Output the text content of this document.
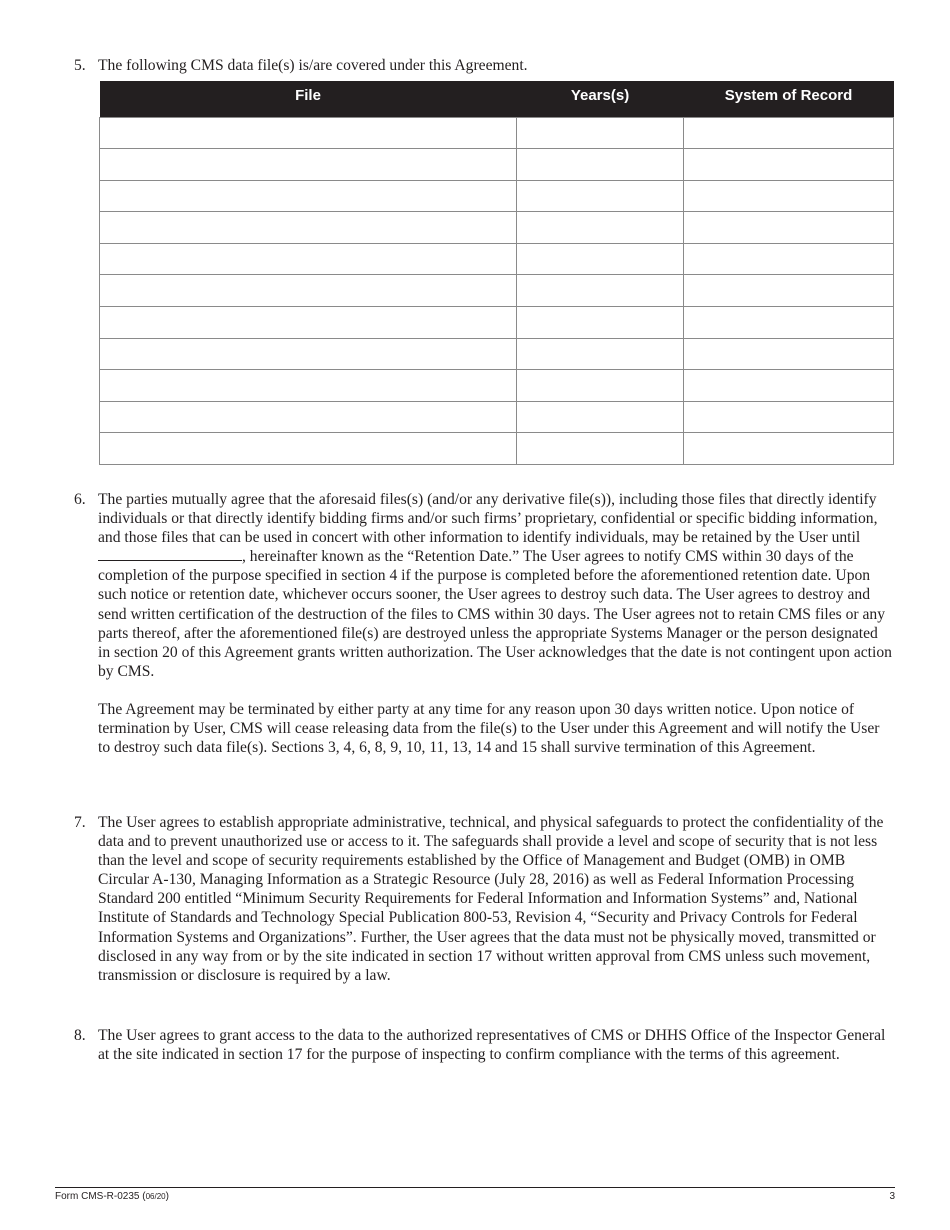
5. The following CMS data file(s) is/are covered under this Agreement.

File	Years(s)	System of Record

6. The parties mutually agree that the aforesaid files(s) (and/or any derivative file(s)), including those files that directly identify individuals or that directly identify bidding firms and/or such firms’ proprietary, confidential or specific bidding information, and those files that can be used in concert with other information to identify individuals, may be retained by the User until , hereinafter known as the “Retention Date.” The User agrees to notify CMS within 30 days of the completion of the purpose specified in section 4 if the purpose is completed before the aforementioned retention date. Upon such notice or retention date, whichever occurs sooner, the User agrees to destroy such data. The User agrees to destroy and send written certification of the destruction of the files to CMS within 30 days. The User agrees not to retain CMS files or any parts thereof, after the aforementioned file(s) are destroyed unless the appropriate Systems Manager or the person designated in section 20 of this Agreement grants written authorization. The User acknowledges that the date is not contingent upon action by CMS.

The Agreement may be terminated by either party at any time for any reason upon 30 days written notice. Upon notice of termination by User, CMS will cease releasing data from the file(s) to the User under this Agreement and will notify the User to destroy such data file(s). Sections 3, 4, 6, 8, 9, 10, 11, 13, 14 and 15 shall survive termination of this Agreement.

7. The User agrees to establish appropriate administrative, technical, and physical safeguards to protect the confidentiality of the data and to prevent unauthorized use or access to it. The safeguards shall provide a level and scope of security that is not less than the level and scope of security requirements established by the Office of Management and Budget (OMB) in OMB Circular A-130, Managing Information as a Strategic Resource (July 28, 2016) as well as Federal Information Processing Standard 200 entitled “Minimum Security Requirements for Federal Information and Information Systems” and, National Institute of Standards and Technology Special Publication 800-53, Revision 4, “Security and Privacy Controls for Federal Information Systems and Organizations”. Further, the User agrees that the data must not be physically moved, transmitted or disclosed in any way from or by the site indicated in section 17 without written approval from CMS unless such movement, transmission or disclosure is required by a law.

8. The User agrees to grant access to the data to the authorized representatives of CMS or DHHS Office of the Inspector General at the site indicated in section 17 for the purpose of inspecting to confirm compliance with the terms of this agreement.

Form CMS-R-0235 (06/20)	3
